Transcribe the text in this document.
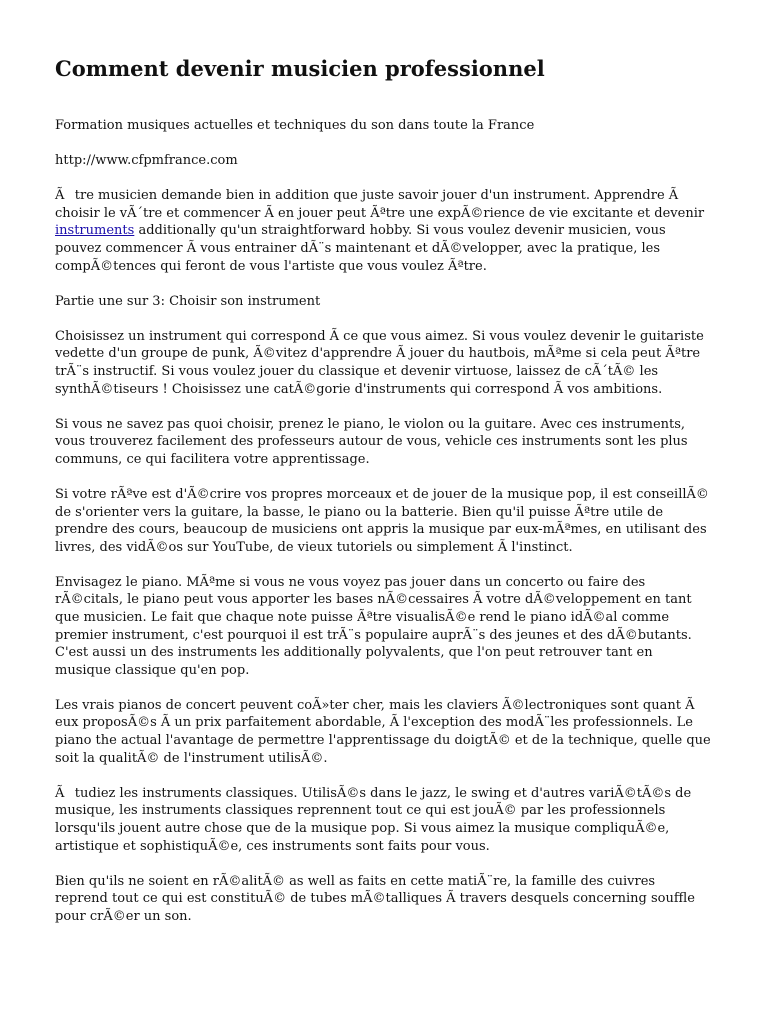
Comment devenir musicien professionnel

Formation musiques actuelles et techniques du son dans toute la France

http://www.cfpmfrance.com

Ãtre musicien demande bien in addition que juste savoir jouer d'un instrument. Apprendre Ã choisir le vÃ´tre et commencer Ã en jouer peut Ãªtre une expÃ©rience de vie excitante et devenir instruments additionally qu'un straightforward hobby. Si vous voulez devenir musicien, vous pouvez commencer Ã vous entrainer dÃ¨s maintenant et dÃ©velopper, avec la pratique, les compÃ©tences qui feront de vous l'artiste que vous voulez Ãªtre.

Partie une sur 3: Choisir son instrument

Choisissez un instrument qui correspond Ã ce que vous aimez. Si vous voulez devenir le guitariste vedette d'un groupe de punk, Ã©vitez d'apprendre Ã jouer du hautbois, mÃªme si cela peut Ãªtre trÃ¨s instructif. Si vous voulez jouer du classique et devenir virtuose, laissez de cÃ´tÃ© les synthÃ©tiseurs ! Choisissez une catÃ©gorie d'instruments qui correspond Ã vos ambitions.

Si vous ne savez pas quoi choisir, prenez le piano, le violon ou la guitare. Avec ces instruments, vous trouverez facilement des professeurs autour de vous, vehicle ces instruments sont les plus communs, ce qui facilitera votre apprentissage.

Si votre rÃªve est d'Ã©crire vos propres morceaux et de jouer de la musique pop, il est conseillÃ© de s'orienter vers la guitare, la basse, le piano ou la batterie. Bien qu'il puisse Ãªtre utile de prendre des cours, beaucoup de musiciens ont appris la musique par eux-mÃªmes, en utilisant des livres, des vidÃ©os sur YouTube, de vieux tutoriels ou simplement Ã l'instinct.

Envisagez le piano. MÃªme si vous ne vous voyez pas jouer dans un concerto ou faire des rÃ©citals, le piano peut vous apporter les bases nÃ©cessaires Ã votre dÃ©veloppement en tant que musicien. Le fait que chaque note puisse Ãªtre visualisÃ©e rend le piano idÃ©al comme premier instrument, c'est pourquoi il est trÃ¨s populaire auprÃ¨s des jeunes et des dÃ©butants. C'est aussi un des instruments les additionally polyvalents, que l'on peut retrouver tant en musique classique qu'en pop.

Les vrais pianos de concert peuvent coÃ»ter cher, mais les claviers Ã©lectroniques sont quant Ã eux proposÃ©s Ã un prix parfaitement abordable, Ã l'exception des modÃ¨les professionnels. Le piano the actual l'avantage de permettre l'apprentissage du doigtÃ© et de la technique, quelle que soit la qualitÃ© de l'instrument utilisÃ©.

Ãtudiez les instruments classiques. UtilisÃ©s dans le jazz, le swing et d'autres variÃ©tÃ©s de musique, les instruments classiques reprennent tout ce qui est jouÃ© par les professionnels lorsqu'ils jouent autre chose que de la musique pop. Si vous aimez la musique compliquÃ©e, artistique et sophistiquÃ©e, ces instruments sont faits pour vous.

Bien qu'ils ne soient en rÃ©alitÃ© as well as faits en cette matiÃ¨re, la famille des cuivres reprend tout ce qui est constituÃ© de tubes mÃ©talliques Ã travers desquels concerning souffle pour crÃ©er un son.
